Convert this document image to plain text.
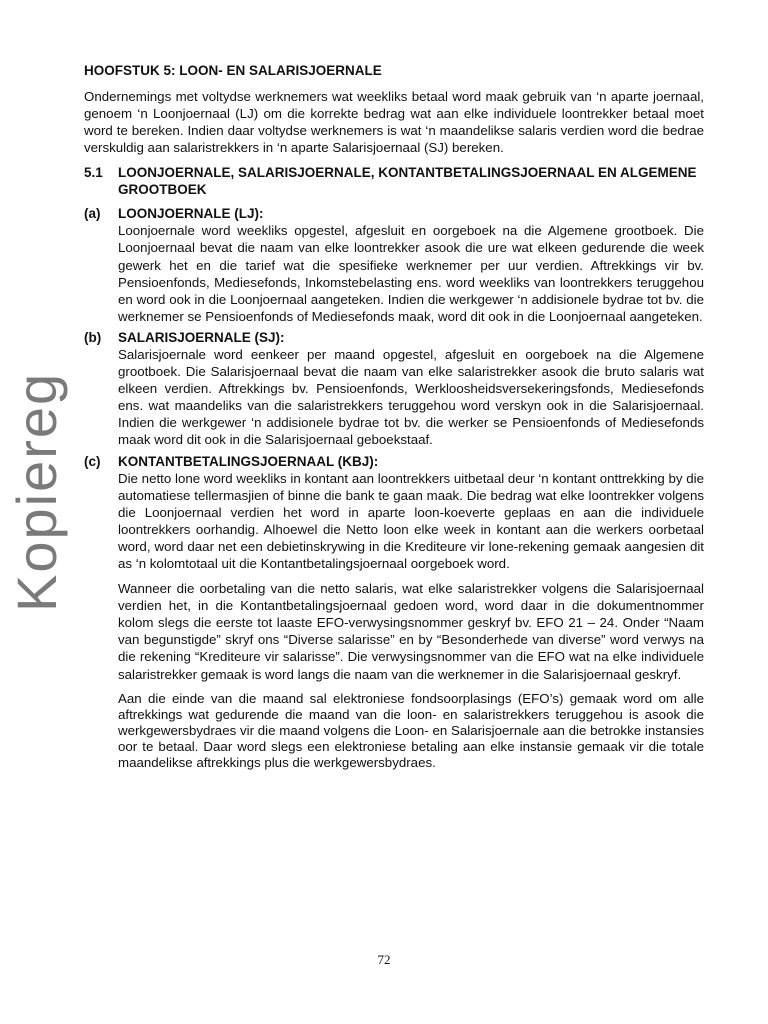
Kopiereg
HOOFSTUK 5: LOON- EN SALARISJOERNALE

Ondernemings met voltydse werknemers wat weekliks betaal word maak gebruik van ‘n aparte joernaal, genoem ‘n Loonjoernaal (LJ) om die korrekte bedrag wat aan elke individuele loontrekker betaal moet word te bereken. Indien daar voltydse werknemers is wat ‘n maandelikse salaris verdien word die bedrae verskuldig aan salaristrekkers in ‘n aparte Salarisjoernaal (SJ) bereken.

5.1	LOONJOERNALE, SALARISJOERNALE, KONTANTBETALINGSJOERNAAL EN ALGEMENE GROOTBOEK
(a)	LOONJOERNALE (LJ):

Loonjoernale word weekliks opgestel, afgesluit en oorgeboek na die Algemene grootboek. Die Loonjoernaal bevat die naam van elke loontrekker asook die ure wat elkeen gedurende die week gewerk het en die tarief wat die spesifieke werknemer per uur verdien. Aftrekkings vir bv. Pensioenfonds, Mediesefonds, Inkomstebelasting ens. word weekliks van loontrekkers teruggehou en word ook in die Loonjoernaal aangeteken. Indien die werkgewer ‘n addisionele bydrae tot bv. die werknemer se Pensioenfonds of Mediesefonds maak, word dit ook in die Loonjoernaal aangeteken.

(b)	SALARISJOERNALE (SJ):

Salarisjoernale word eenkeer per maand opgestel, afgesluit en oorgeboek na die Algemene grootboek. Die Salarisjoernaal bevat die naam van elke salaristrekker asook die bruto salaris wat elkeen verdien. Aftrekkings bv. Pensioenfonds, Werkloosheidsversekeringsfonds, Mediesefonds ens. wat maandeliks van die salaristrekkers teruggehou word verskyn ook in die Salarisjoernaal. Indien die werkgewer ‘n addisionele bydrae tot bv. die werker se Pensioenfonds of Mediesefonds maak word dit ook in die Salarisjoernaal geboekstaaf.

(c)	KONTANTBETALINGSJOERNAAL (KBJ):

Die netto lone word weekliks in kontant aan loontrekkers uitbetaal deur ‘n kontant onttrekking by die automatiese tellermasjien of binne die bank te gaan maak. Die bedrag wat elke loontrekker volgens die Loonjoernaal verdien het word in aparte loon-koeverte geplaas en aan die individuele loontrekkers oorhandig. Alhoewel die Netto loon elke week in kontant aan die werkers oorbetaal word, word daar net een debietinskrywing in die Krediteure vir lone-rekening gemaak aangesien dit as ‘n kolomtotaal uit die Kontantbetalingsjoernaal oorgeboek word.

Wanneer die oorbetaling van die netto salaris, wat elke salaristrekker volgens die Salarisjoernaal verdien het, in die Kontantbetalingsjoernaal gedoen word, word daar in die dokumentnommer kolom slegs die eerste tot laaste EFO-verwysingsnommer geskryf bv. EFO 21 – 24. Onder “Naam van begunstigde” skryf ons “Diverse salarisse” en by “Besonderhede van diverse” word verwys na die rekening “Krediteure vir salarisse”. Die verwysingsnommer van die EFO wat na elke individuele salaristrekker gemaak is word langs die naam van die werknemer in die Salarisjoernaal geskryf.

Aan die einde van die maand sal elektroniese fondsoorplasings (EFO’s) gemaak word om alle aftrekkings wat gedurende die maand van die loon- en salaristrekkers teruggehou is asook die werkgewersbydraes vir die maand volgens die Loon- en Salarisjoernale aan die betrokke instansies oor te betaal. Daar word slegs een elektroniese betaling aan elke instansie gemaak vir die totale maandelikse aftrekkings plus die werkgewersbydraes.

72
